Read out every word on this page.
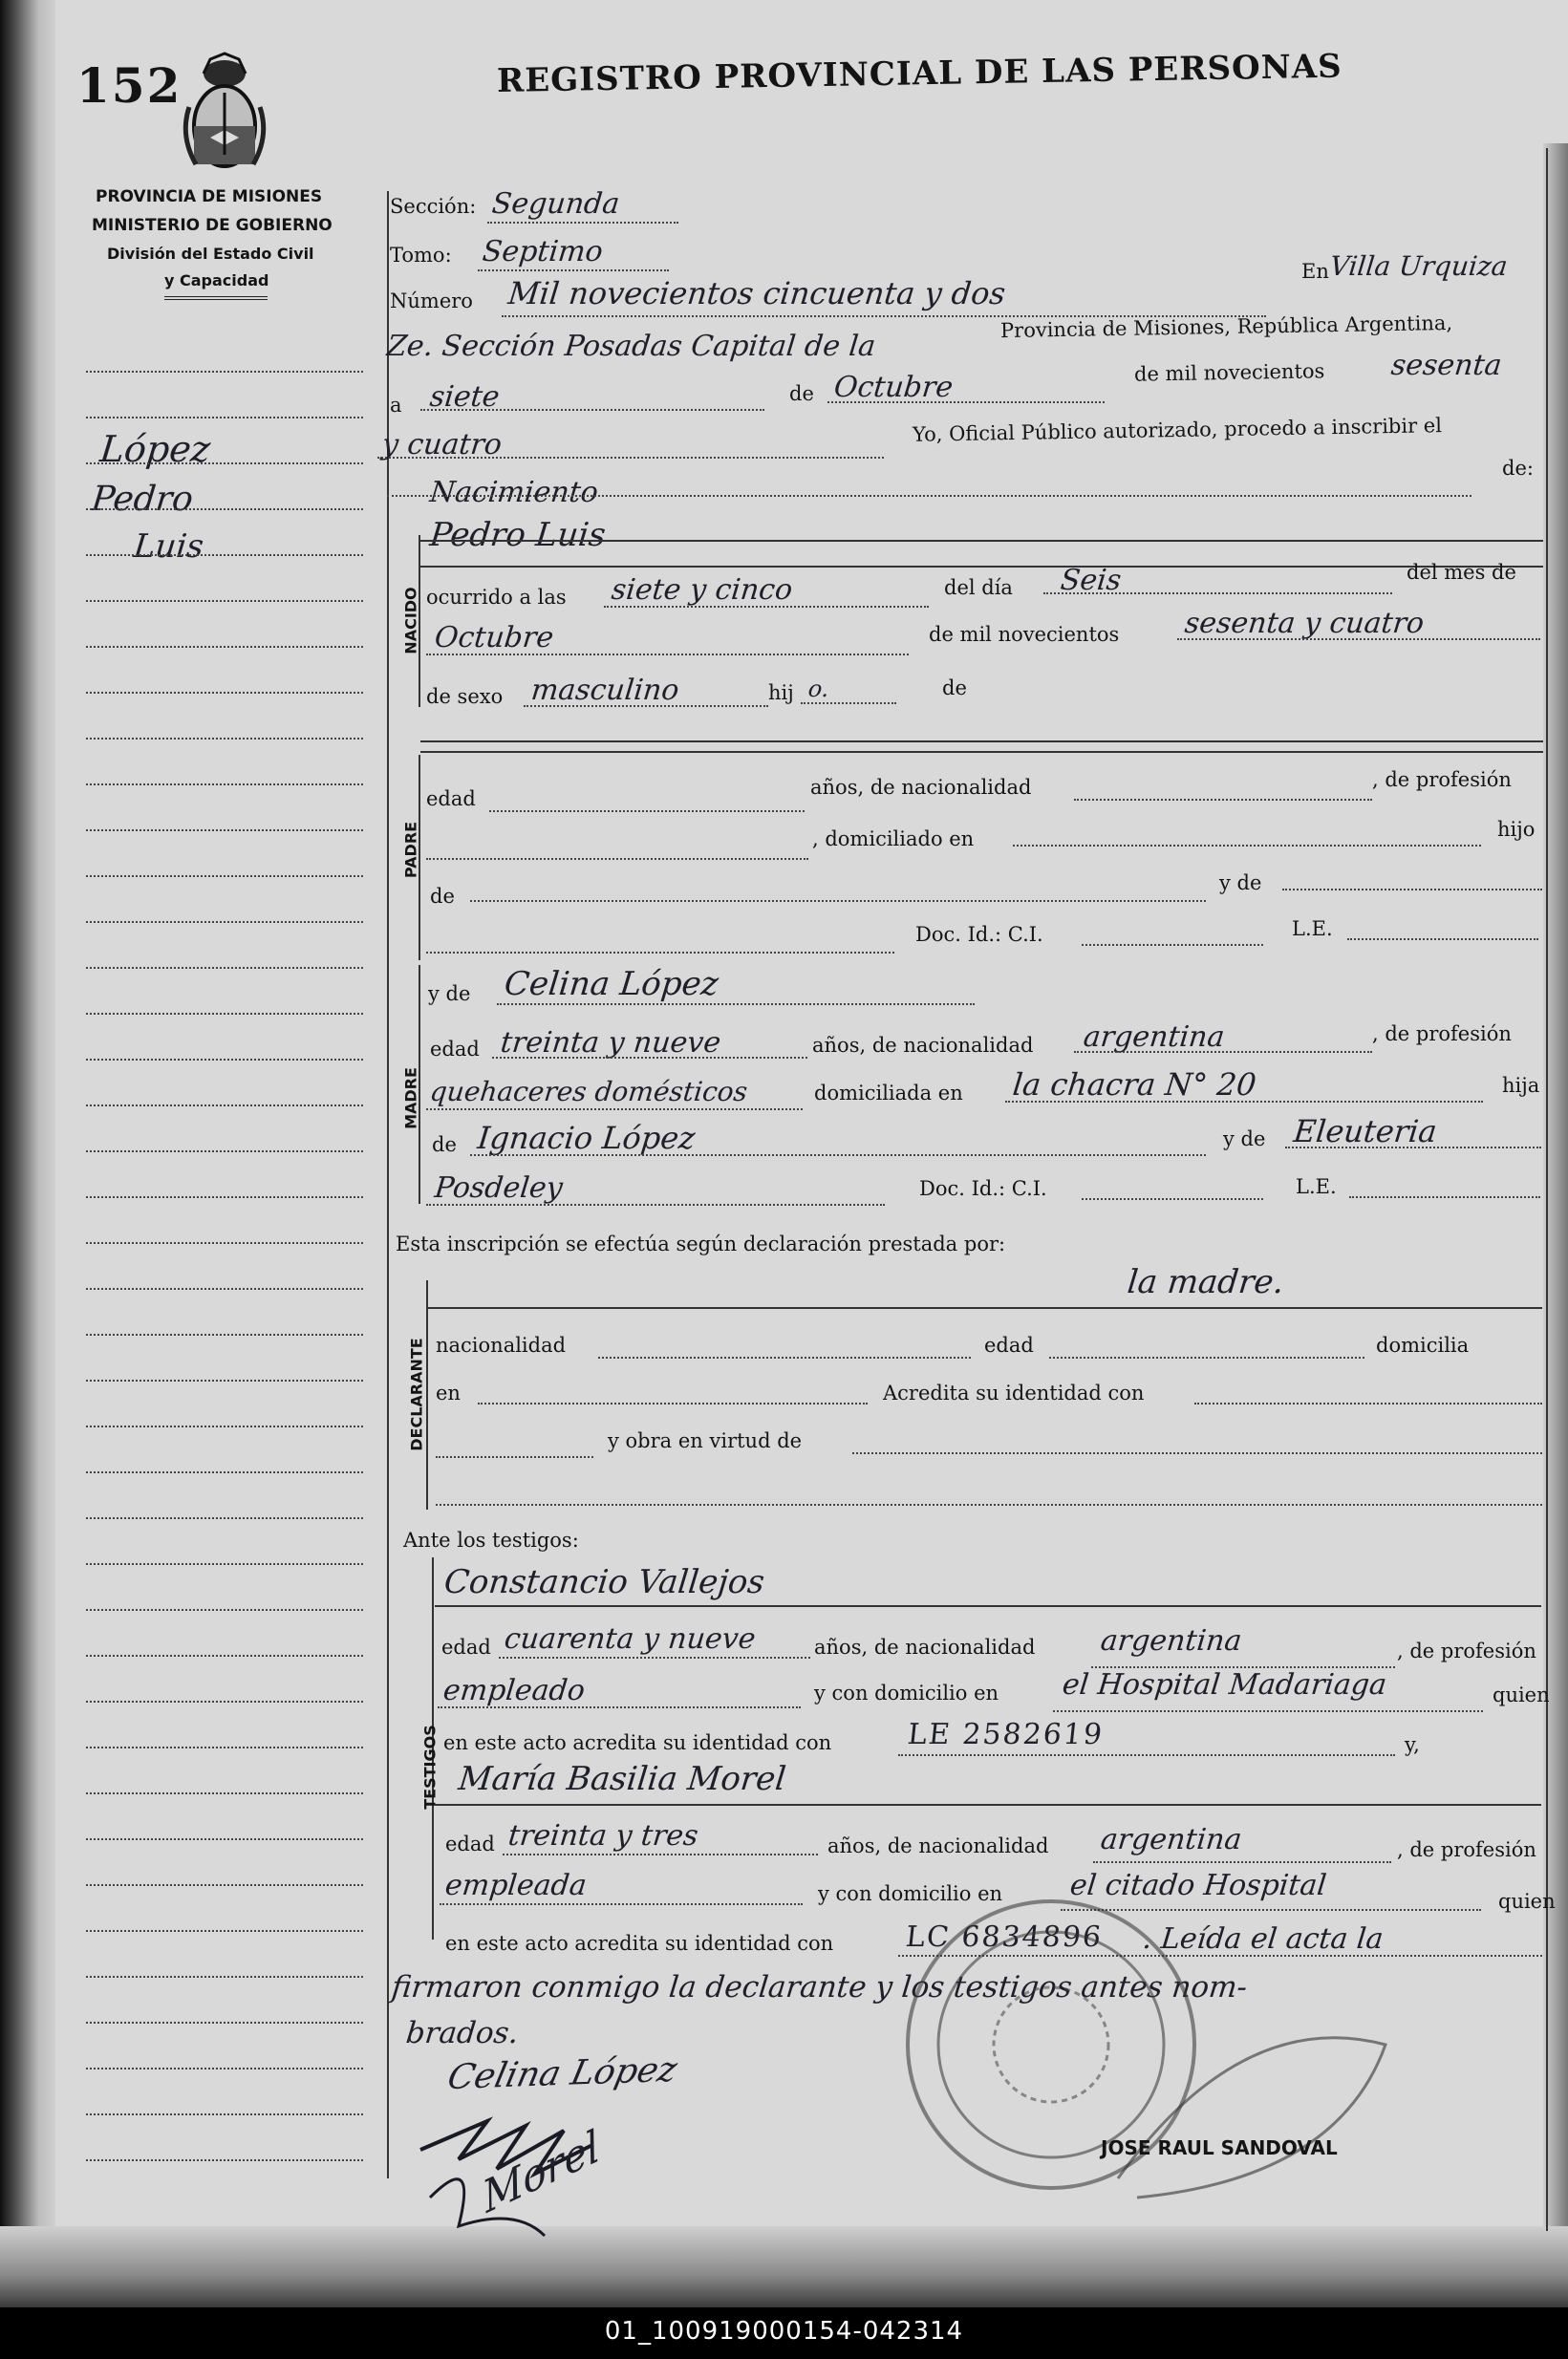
152	REGISTRO PROVINCIAL DE LAS PERSONAS
PROVINCIA DE MISIONES
MINISTERIO DE GOBIERNO
División del Estado Civil
y Capacidad
López
Pedro
Luis
Sección: Segunda
Tomo: Septimo
Número Mil novecientos cincuenta y dos
En Villa Urquiza
Ze. Sección Posadas Capital de la
Provincia de Misiones, República Argentina,
a siete	de Octubre	de mil novecientos sesenta
y cuatro	Yo, Oficial Público autorizado, procedo a inscribir el
Nacimiento
de:
NACIDO
Pedro Luis
ocurrido a las siete y cinco	del día Seis	del mes de
Octubre	de mil novecientos sesenta y cuatro
de sexo masculino	hij o.	de
PADRE
edad	años, de nacionalidad	, de profesión
, domiciliado en	hijo
de
y de
Doc. Id.: C.I.	L.E.
MADRE
y de Celina López
edad treinta y nueve	años, de nacionalidad argentina	, de profesión
quehaceres domésticos	domiciliada en la chacra N° 20	hija
de Ignacio López	y de Eleuteria
Posdeley	Doc. Id.: C.I.	L.E.
Esta inscripción se efectúa según declaración prestada por:
la madre.
DECLARANTE nacionalidad	edad	domicilia
en	Acredita su identidad con
y obra en virtud de
Ante los testigos:
TESTIGOS
Constancio Vallejos
edad cuarenta y nueve	años, de nacionalidad argentina	, de profesión
empleado	y con domicilio en el Hospital Madariaga	quien
en este acto acredita su identidad con	LE 2582619	y,
María Basilia Morel
edad treinta y tres	años, de nacionalidad argentina	, de profesión
empleada	y con domicilio en el citado Hospital	quien
en este acto acredita su identidad con LC 6834896 . Leída el acta la
firmaron conmigo la declarante y los testigos antes nom-
brados.
Celina López
Morel	JOSE RAUL SANDOVAL
01_100919000154-042314
